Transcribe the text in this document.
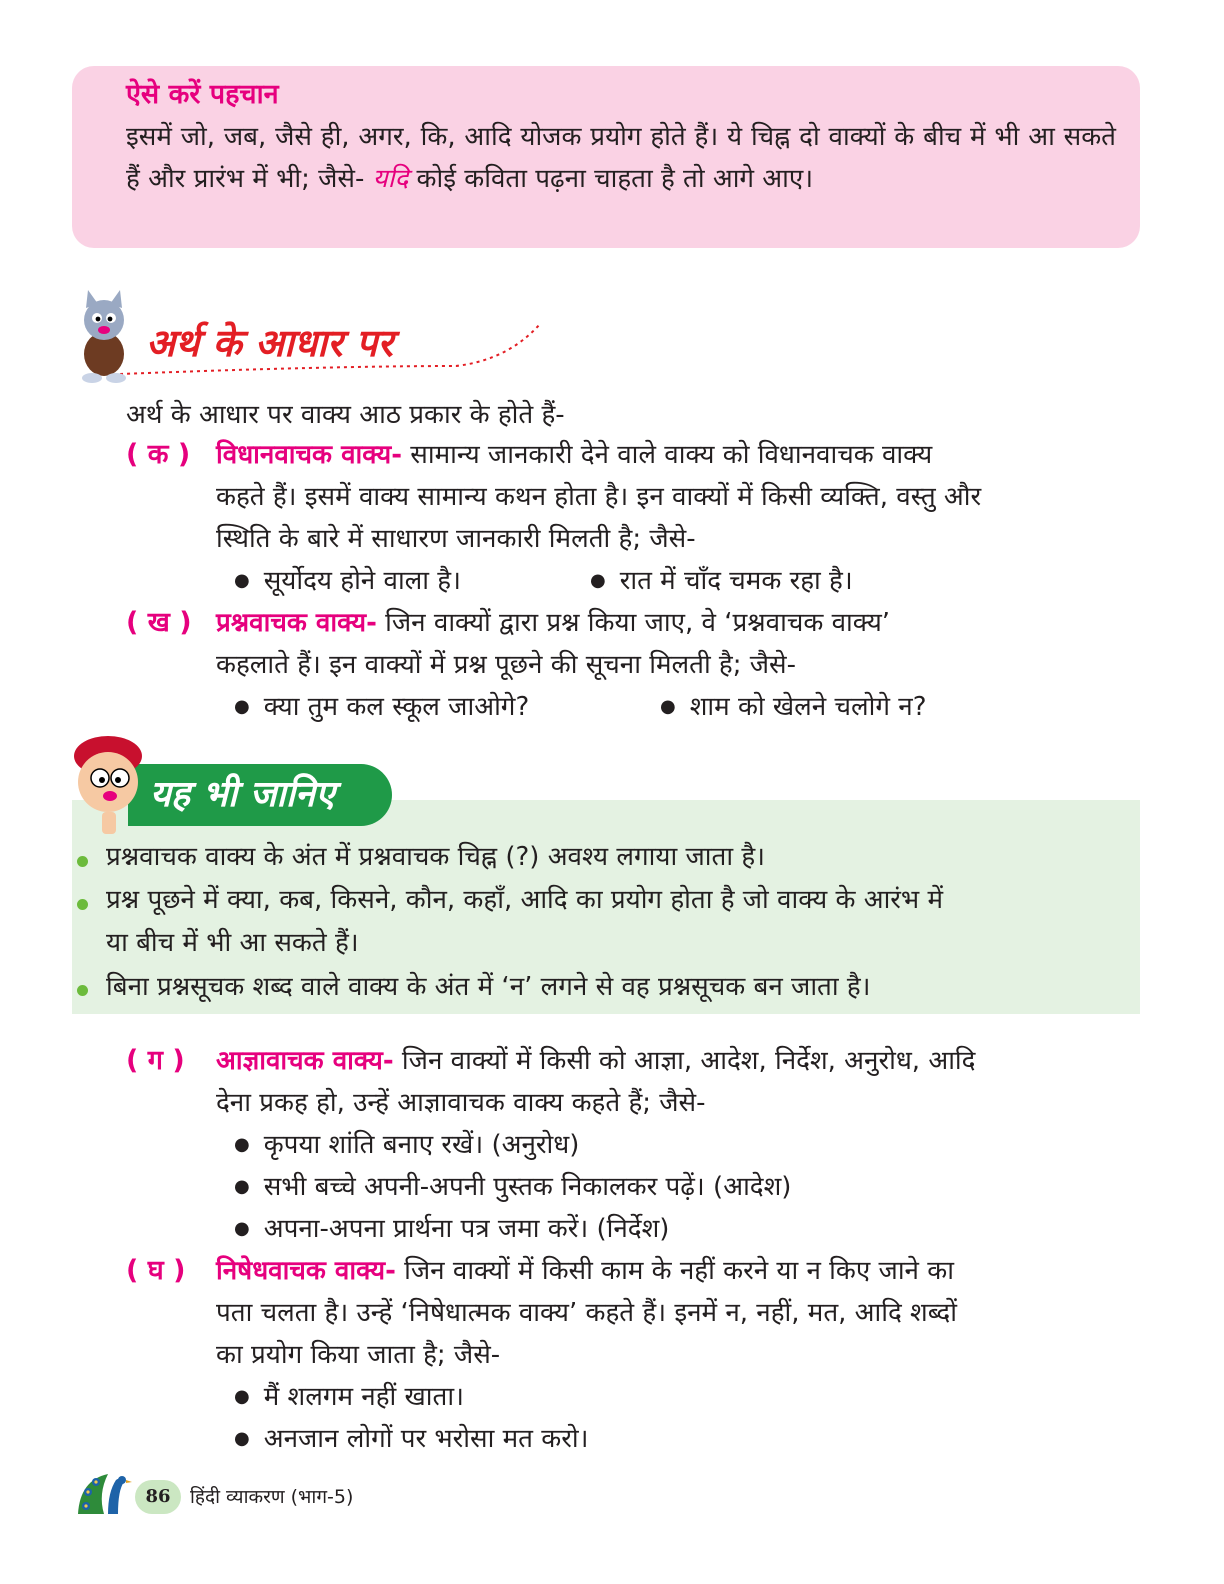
ऐसे करें पहचान
इसमें जो, जब, जैसे ही, अगर, कि, आदि योजक प्रयोग होते हैं। ये चिह्न दो वाक्यों के बीच में भी आ सकते हैं और प्रारंभ में भी; जैसे- यदि कोई कविता पढ़ना चाहता है तो आगे आए।
अर्थ के आधार पर
अर्थ के आधार पर वाक्य आठ प्रकार के होते हैं-
( क ) विधानवाचक वाक्य- सामान्य जानकारी देने वाले वाक्य को विधानवाचक वाक्य
कहते हैं। इसमें वाक्य सामान्य कथन होता है। इन वाक्यों में किसी व्यक्ति, वस्तु और
स्थिति के बारे में साधारण जानकारी मिलती है; जैसे-
● सूर्योदय होने वाला है।	● रात में चाँद चमक रहा है।
( ख ) प्रश्नवाचक वाक्य- जिन वाक्यों द्वारा प्रश्न किया जाए, वे ‘प्रश्नवाचक वाक्य’
कहलाते हैं। इन वाक्यों में प्रश्न पूछने की सूचना मिलती है; जैसे-
● क्या तुम कल स्कूल जाओगे?	● शाम को खेलने चलोगे न?
यह भी जानिए
प्रश्नवाचक वाक्य के अंत में प्रश्नवाचक चिह्न (?) अवश्य लगाया जाता है।
प्रश्न पूछने में क्या, कब, किसने, कौन, कहाँ, आदि का प्रयोग होता है जो वाक्य के आरंभ में
या बीच में भी आ सकते हैं।
बिना प्रश्नसूचक शब्द वाले वाक्य के अंत में ‘न’ लगने से वह प्रश्नसूचक बन जाता है।
( ग ) आज्ञावाचक वाक्य- जिन वाक्यों में किसी को आज्ञा, आदेश, निर्देश, अनुरोध, आदि
देना प्रकह हो, उन्हें आज्ञावाचक वाक्य कहते हैं; जैसे-
● कृपया शांति बनाए रखें। (अनुरोध)
● सभी बच्चे अपनी-अपनी पुस्तक निकालकर पढ़ें। (आदेश)
● अपना-अपना प्रार्थना पत्र जमा करें। (निर्देश)
( घ ) निषेधवाचक वाक्य- जिन वाक्यों में किसी काम के नहीं करने या न किए जाने का
पता चलता है। उन्हें ‘निषेधात्मक वाक्य’ कहते हैं। इनमें न, नहीं, मत, आदि शब्दों
का प्रयोग किया जाता है; जैसे-
● मैं शलगम नहीं खाता।
● अनजान लोगों पर भरोसा मत करो।
86	हिंदी व्याकरण (भाग-5)
